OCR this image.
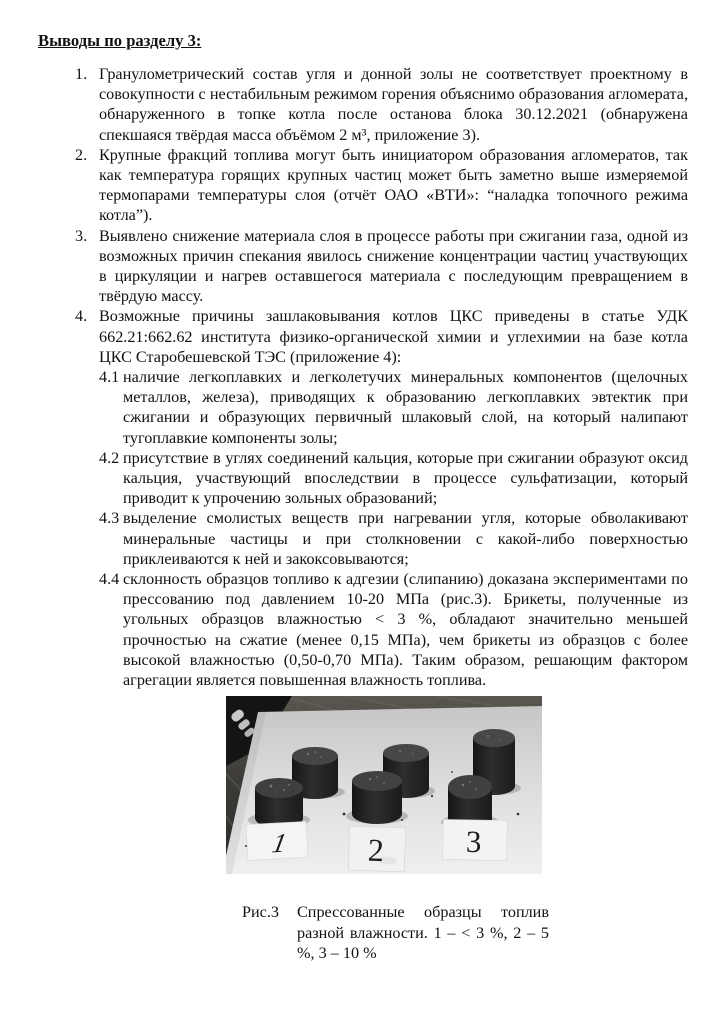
Выводы по разделу 3:
1. Гранулометрический состав угля и донной золы не соответствует проектному в совокупности с нестабильным режимом горения объяснимо образования агломерата, обнаруженного в топке котла после останова блока 30.12.2021 (обнаружена спекшаяся твёрдая масса объёмом 2 м³, приложение 3).
2. Крупные фракций топлива могут быть инициатором образования агломератов, так как температура горящих крупных частиц может быть заметно выше измеряемой термопарами температуры слоя (отчёт ОАО «ВТИ»: “наладка топочного режима котла”).
3. Выявлено снижение материала слоя в процессе работы при сжигании газа, одной из возможных причин спекания явилось снижение концентрации частиц участвующих в циркуляции и нагрев оставшегося материала с последующим превращением в твёрдую массу.
4. Возможные причины зашлаковывания котлов ЦКС приведены в статье УДК 662.21:662.62 института физико-органической химии и углехимии на базе котла ЦКС Старобешевской ТЭС (приложение 4):
4.1 наличие легкоплавких и легколетучих минеральных компонентов (щелочных металлов, железа), приводящих к образованию легкоплавких эвтектик при сжигании и образующих первичный шлаковый слой, на который налипают тугоплавкие компоненты золы;
4.2 присутствие в углях соединений кальция, которые при сжигании образуют оксид кальция, участвующий впоследствии в процессе сульфатизации, который приводит к упрочению зольных образований;
4.3 выделение смолистых веществ при нагревании угля, которые обволакивают минеральные частицы и при столкновении с какой-либо поверхностью приклеиваются к ней и закоксовываются;
4.4 склонность образцов топливо к адгезии (слипанию) доказана экспериментами по прессованию под давлением 10-20 МПа (рис.3). Брикеты, полученные из угольных образцов влажностью < 3 %, обладают значительно меньшей прочностью на сжатие (менее 0,15 МПа), чем брикеты из образцов с более высокой влажностью (0,50-0,70 МПа). Таким образом, решающим фактором агрегации является повышенная влажность топлива.
1 2	3
Рис.3	Спрессованные образцы топлив разной влажности. 1 – < 3 %, 2 – 5 %, 3 – 10 %
